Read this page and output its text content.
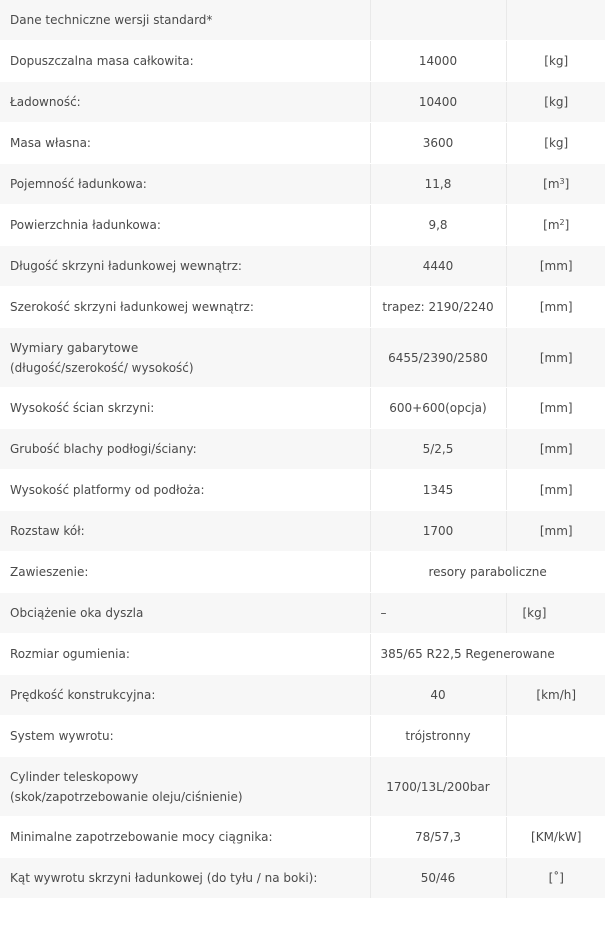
Dane techniczne wersji standard*		
Dopuszczalna masa całkowita:	14000	[kg]
Ładowność:	10400	[kg]
Masa własna:	3600	[kg]
Pojemność ładunkowa:	11,8	$[m^3]$
Powierzchnia ładunkowa:	9,8	$[m^2]$
Długość skrzyni ładunkowej wewnątrz:	4440	[mm]
Szerokość skrzyni ładunkowej wewnątrz:	trapez: 2190/2240	[mm]

Wymiary gabarytowe
(długość/szerokość/ wysokość)	6455/2390/2580	[mm]
Wysokość ścian skrzyni:	600+600(opcja)	[mm]
Grubość blachy podłogi/ściany:	5/2,5	[mm]
Wysokość platformy od podłoża:	1345	[mm]
Rozstaw kół:	1700	[mm]
Zawieszenie:	resory paraboliczne	
Obciążenie oka dyszla	–	[kg]
Rozmiar ogumienia:	385/65 R22,5 Regenerowane	
Prędkość konstrukcyjna:	40	[km/h]
System wywrotu:	trójstronny	

Cylinder teleskopowy
(skok/zapotrzebowanie oleju/ciśnienie)	1700/13L/200bar	
Minimalne zapotrzebowanie mocy ciągnika:	78/57,3	[KM/kW]
Kąt wywrotu skrzyni ładunkowej (do tyłu / na boki):	50/46	[˚]
